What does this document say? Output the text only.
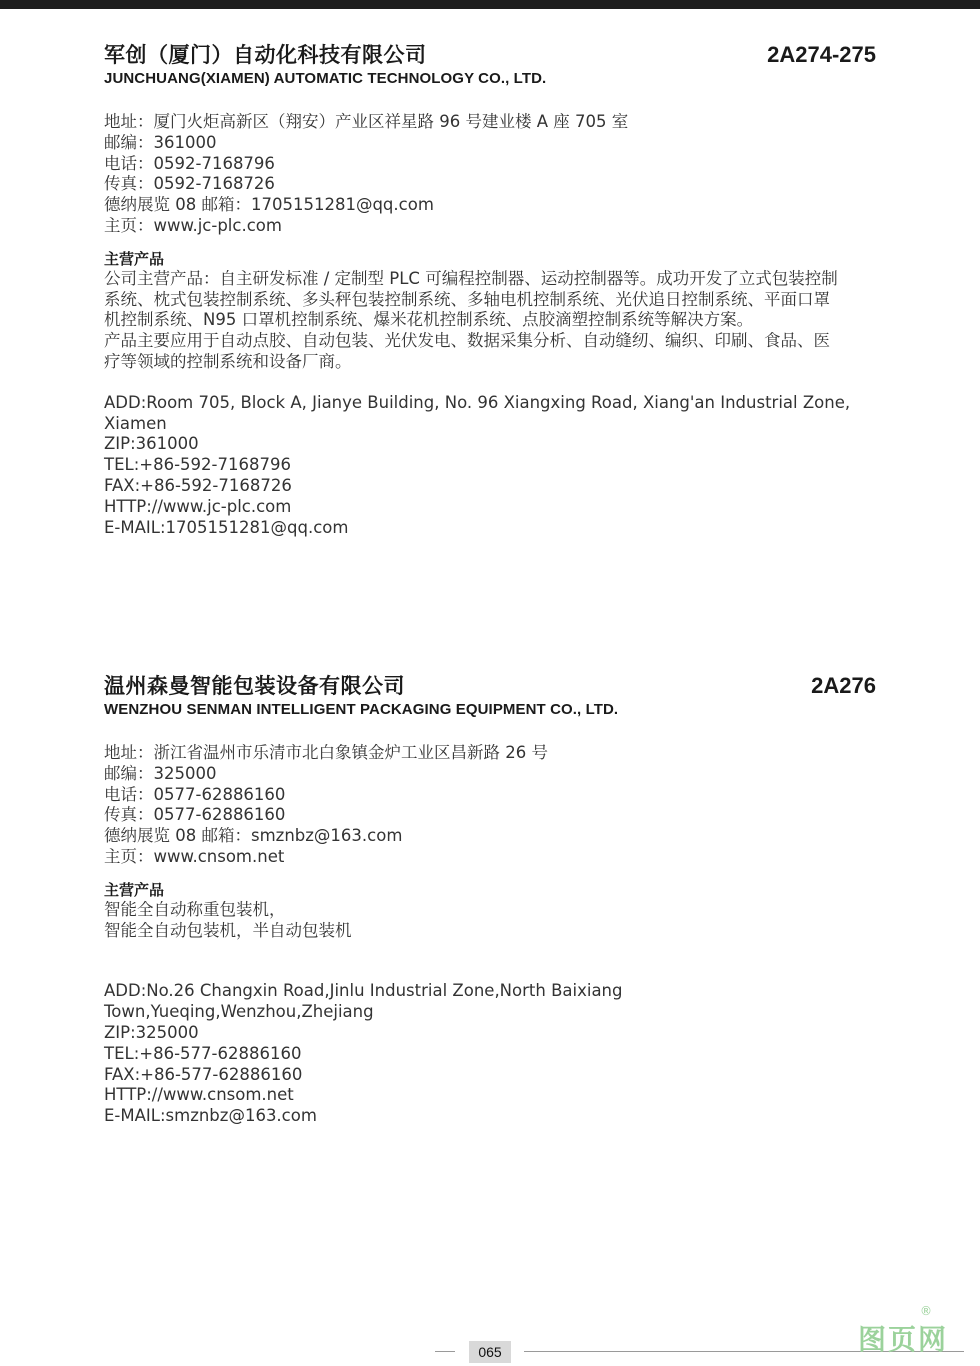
军创（厦门）自动化科技有限公司	2A274-275
JUNCHUANG(XIAMEN) AUTOMATIC TECHNOLOGY CO., LTD.
地址：厦门火炬高新区（翔安）产业区祥星路 96 号建业楼 A 座 705 室
邮编：361000
电话：0592-7168796
传真：0592-7168726
德纳展览 08 邮箱：1705151281@qq.com
主页：www.jc-plc.com
主营产品
公司主营产品：自主研发标准 / 定制型 PLC 可编程控制器、运动控制器等。成功开发了立式包装控制
系统、枕式包装控制系统、多头秤包装控制系统、多轴电机控制系统、光伏追日控制系统、平面口罩
机控制系统、N95 口罩机控制系统、爆米花机控制系统、点胶滴塑控制系统等解决方案。
产品主要应用于自动点胶、自动包装、光伏发电、数据采集分析、自动缝纫、编织、印刷、食品、医
疗等领域的控制系统和设备厂商。
ADD:Room 705, Block A, Jianye Building, No. 96 Xiangxing Road, Xiang'an Industrial Zone,
Xiamen
ZIP:361000
TEL:+86-592-7168796
FAX:+86-592-7168726
HTTP://www.jc-plc.com
E-MAIL:1705151281@qq.com
温州森曼智能包装设备有限公司	2A276
WENZHOU SENMAN INTELLIGENT PACKAGING EQUIPMENT CO., LTD.
地址：浙江省温州市乐清市北白象镇金炉工业区昌新路 26 号
邮编：325000
电话：0577-62886160
传真：0577-62886160
德纳展览 08 邮箱：smznbz@163.com
主页：www.cnsom.net
主营产品
智能全自动称重包装机，
智能全自动包装机，半自动包装机
ADD:No.26 Changxin Road,Jinlu Industrial Zone,North Baixiang
Town,Yueqing,Wenzhou,Zhejiang
ZIP:325000
TEL:+86-577-62886160
FAX:+86-577-62886160
HTTP://www.cnsom.net
E-MAIL:smznbz@163.com
065	图页网
®
